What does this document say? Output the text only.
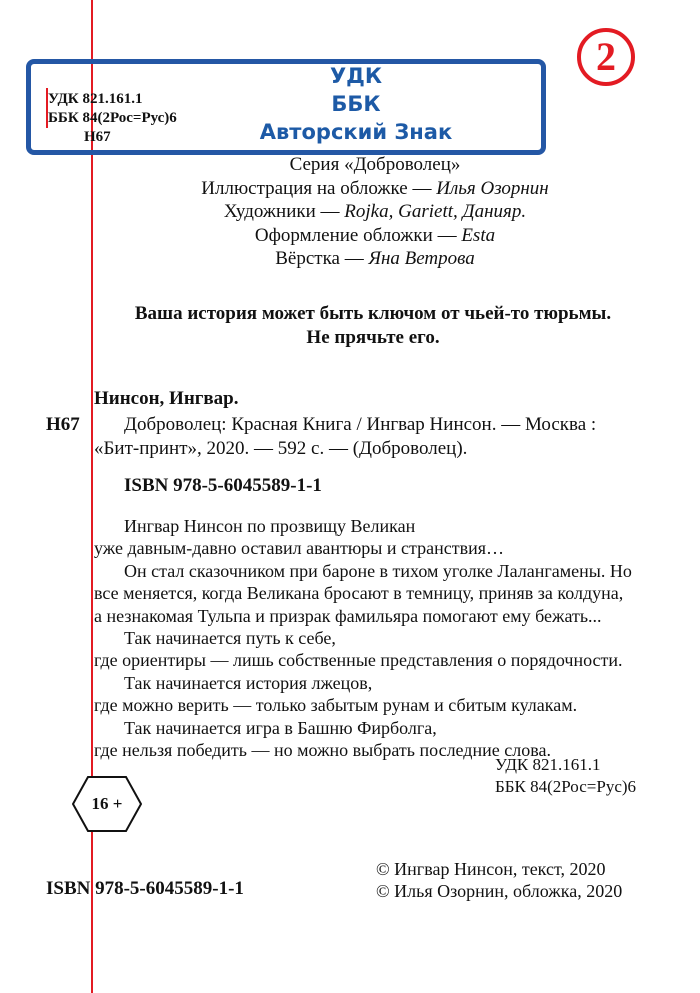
2
УДК
ББК
Авторский Знак
УДК 821.161.1
ББК 84(2Рос=Рус)6
Н67
Серия «Доброволец»
Иллюстрация на обложке — Илья Озорнин
Художники — Rojka, Gariett, Данияр.
Оформление обложки — Esta
Вёрстка — Яна Ветрова
Ваша история может быть ключом от чьей-то тюрьмы.
Не прячьте его.
Нинсон, Ингвар.
Н67	Доброволец: Красная Книга / Ингвар Нинсон. — Москва :
«Бит-принт», 2020. — 592 с. — (Доброволец).
ISBN 978-5-6045589-1-1
Ингвар Нинсон по прозвищу Великан
уже давным-давно оставил авантюры и странствия…
Он стал сказочником при бароне в тихом уголке Лалангамены. Но
все меняется, когда Великана бросают в темницу, приняв за колдуна,
а незнакомая Тульпа и призрак фамильяра помогают ему бежать...
Так начинается путь к себе,
где ориентиры — лишь собственные представления о порядочности.
Так начинается история лжецов,
где можно верить — только забытым рунам и сбитым кулакам.
Так начинается игра в Башню Фирболга,
где нельзя победить — но можно выбрать последние слова.
УДК 821.161.1
ББК 84(2Рос=Рус)6
16 +
ISBN 978-5-6045589-1-1
© Ингвар Нинсон, текст, 2020
© Илья Озорнин, обложка, 2020
